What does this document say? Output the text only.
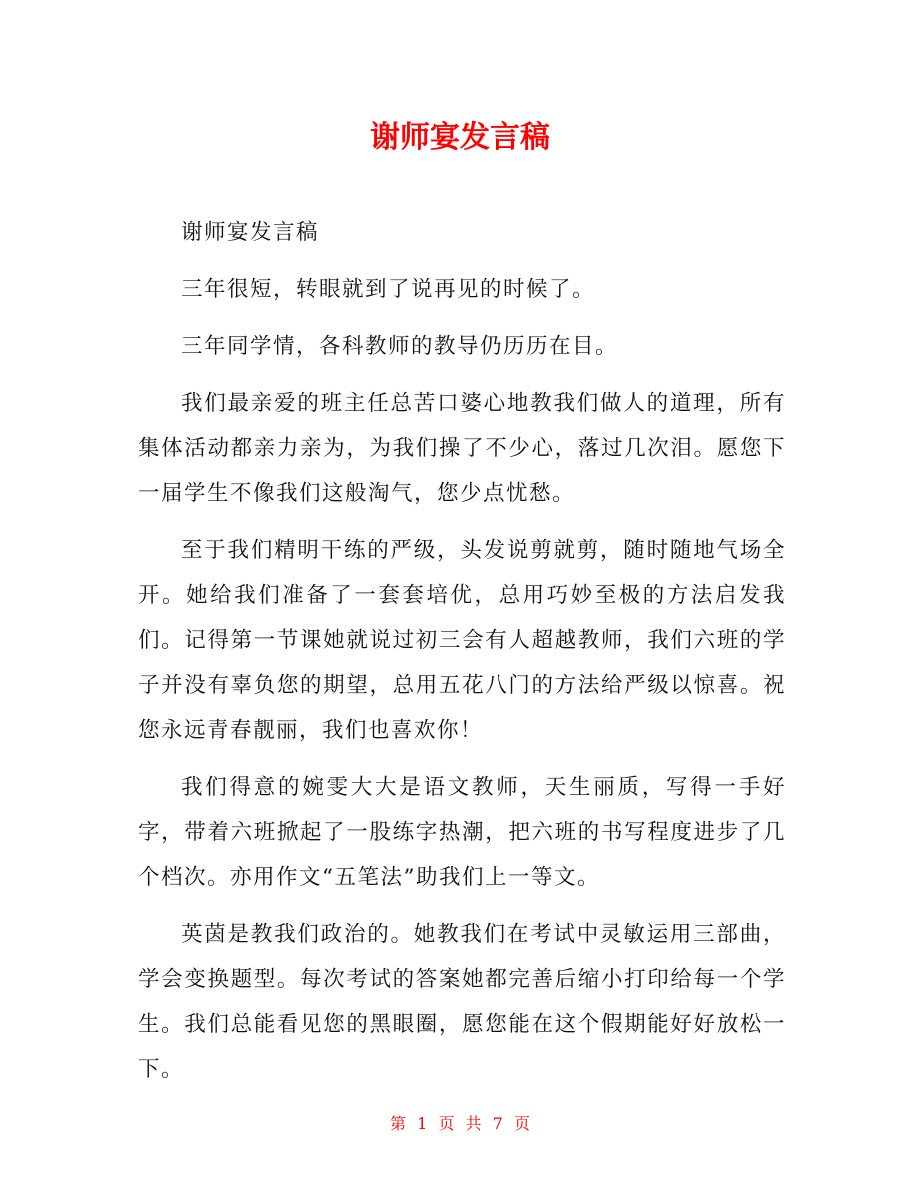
谢师宴发言稿

谢师宴发言稿

三年很短，转眼就到了说再见的时候了。

三年同学情，各科教师的教导仍历历在目。

我们最亲爱的班主任总苦口婆心地教我们做人的道理，所有集体活动都亲力亲为，为我们操了不少心，落过几次泪。愿您下一届学生不像我们这般淘气，您少点忧愁。

至于我们精明干练的严级，头发说剪就剪，随时随地气场全开。她给我们准备了一套套培优，总用巧妙至极的方法启发我们。记得第一节课她就说过初三会有人超越教师，我们六班的学子并没有辜负您的期望，总用五花八门的方法给严级以惊喜。祝您永远青春靓丽，我们也喜欢你！

我们得意的婉雯大大是语文教师，天生丽质，写得一手好字，带着六班掀起了一股练字热潮，把六班的书写程度进步了几个档次。亦用作文“五笔法”助我们上一等文。

英茵是教我们政治的。她教我们在考试中灵敏运用三部曲，学会变换题型。每次考试的答案她都完善后缩小打印给每一个学生。我们总能看见您的黑眼圈，愿您能在这个假期能好好放松一下。

第 1 页 共 7 页
